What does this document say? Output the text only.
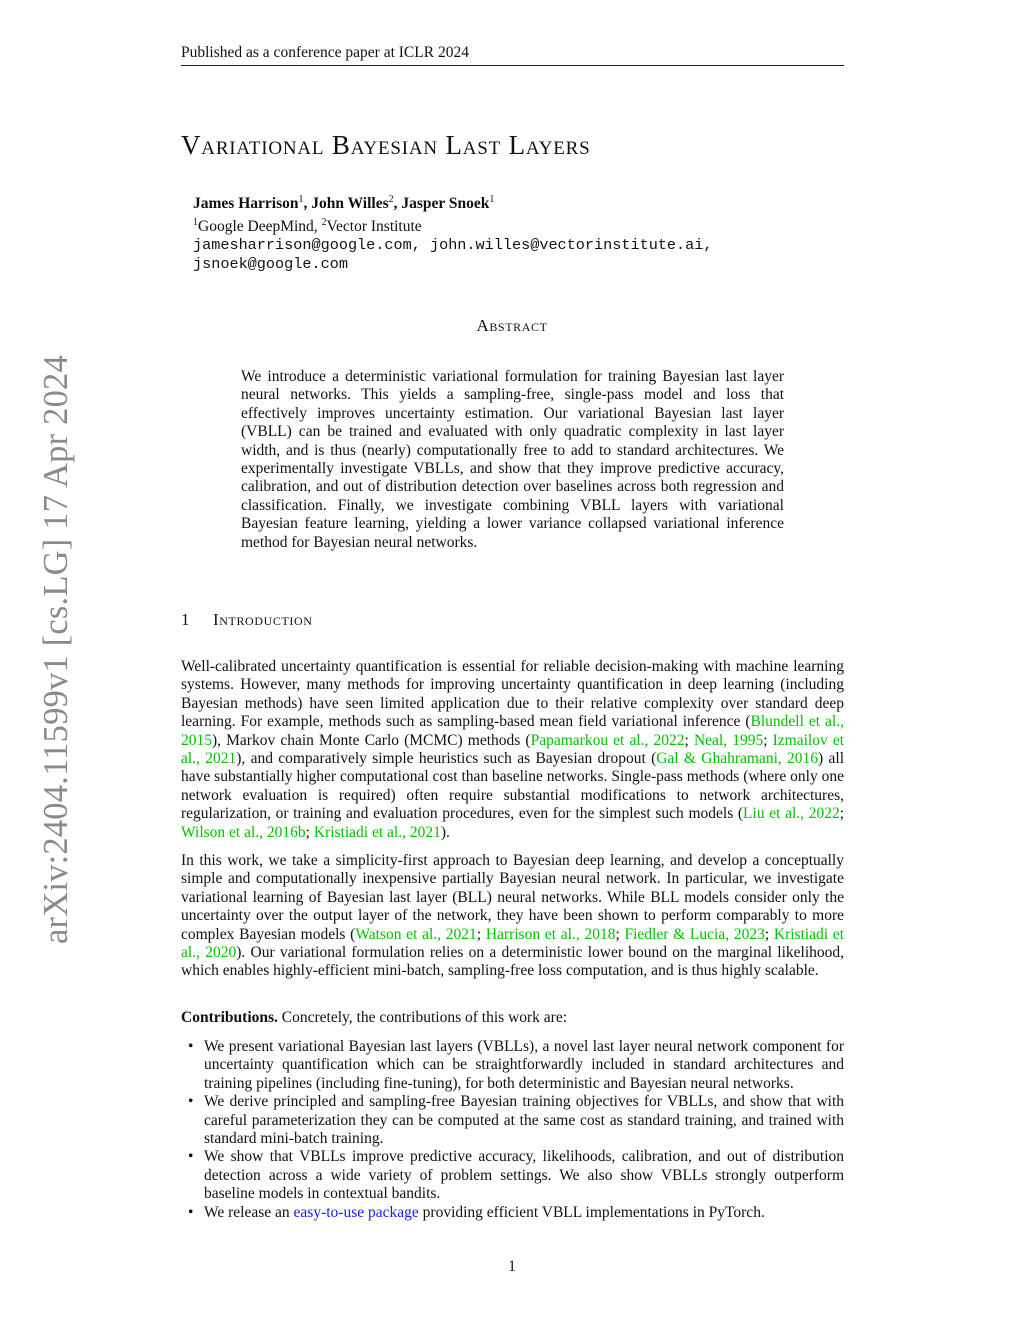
Published as a conference paper at ICLR 2024
arXiv:2404.11599v1 [cs.LG] 17 Apr 2024
Variational Bayesian Last Layers
James Harrison$^1$, John Willes$^2$, Jasper Snoek$^1$
$^1$Google DeepMind, $^2$Vector Institute
jamesharrison@google.com, john.willes@vectorinstitute.ai,
jsnoek@google.com
Abstract

We introduce a deterministic variational formulation for training Bayesian last layer neural networks. This yields a sampling-free, single-pass model and loss that effectively improves uncertainty estimation. Our variational Bayesian last layer (VBLL) can be trained and evaluated with only quadratic complexity in last layer width, and is thus (nearly) computationally free to add to standard architectures. We experimentally investigate VBLLs, and show that they improve predictive accuracy, calibration, and out of distribution detection over baselines across both regression and classification. Finally, we investigate combining VBLL layers with variational Bayesian feature learning, yielding a lower variance collapsed variational inference method for Bayesian neural networks.

1 Introduction

Well-calibrated uncertainty quantification is essential for reliable decision-making with machine learning systems. However, many methods for improving uncertainty quantification in deep learning (including Bayesian methods) have seen limited application due to their relative complexity over standard deep learning. For example, methods such as sampling-based mean field variational inference (Blundell et al., 2015), Markov chain Monte Carlo (MCMC) methods (Papamarkou et al., 2022; Neal, 1995; Izmailov et al., 2021), and comparatively simple heuristics such as Bayesian dropout (Gal & Ghahramani, 2016) all have substantially higher computational cost than baseline networks. Single-pass methods (where only one network evaluation is required) often require substantial modifications to network architectures, regularization, or training and evaluation procedures, even for the simplest such models (Liu et al., 2022; Wilson et al., 2016b; Kristiadi et al., 2021).

In this work, we take a simplicity-first approach to Bayesian deep learning, and develop a conceptually simple and computationally inexpensive partially Bayesian neural network. In particular, we investigate variational learning of Bayesian last layer (BLL) neural networks. While BLL models consider only the uncertainty over the output layer of the network, they have been shown to perform comparably to more complex Bayesian models (Watson et al., 2021; Harrison et al., 2018; Fiedler & Lucia, 2023; Kristiadi et al., 2020). Our variational formulation relies on a deterministic lower bound on the marginal likelihood, which enables highly-efficient mini-batch, sampling-free loss computation, and is thus highly scalable.

Contributions. Concretely, the contributions of this work are:

• We present variational Bayesian last layers (VBLLs), a novel last layer neural network component for uncertainty quantification which can be straightforwardly included in standard architectures and training pipelines (including fine-tuning), for both deterministic and Bayesian neural networks.
• We derive principled and sampling-free Bayesian training objectives for VBLLs, and show that with careful parameterization they can be computed at the same cost as standard training, and trained with standard mini-batch training.
• We show that VBLLs improve predictive accuracy, likelihoods, calibration, and out of distribution detection across a wide variety of problem settings. We also show VBLLs strongly outperform baseline models in contextual bandits.
• We release an easy-to-use package providing efficient VBLL implementations in PyTorch.
1
